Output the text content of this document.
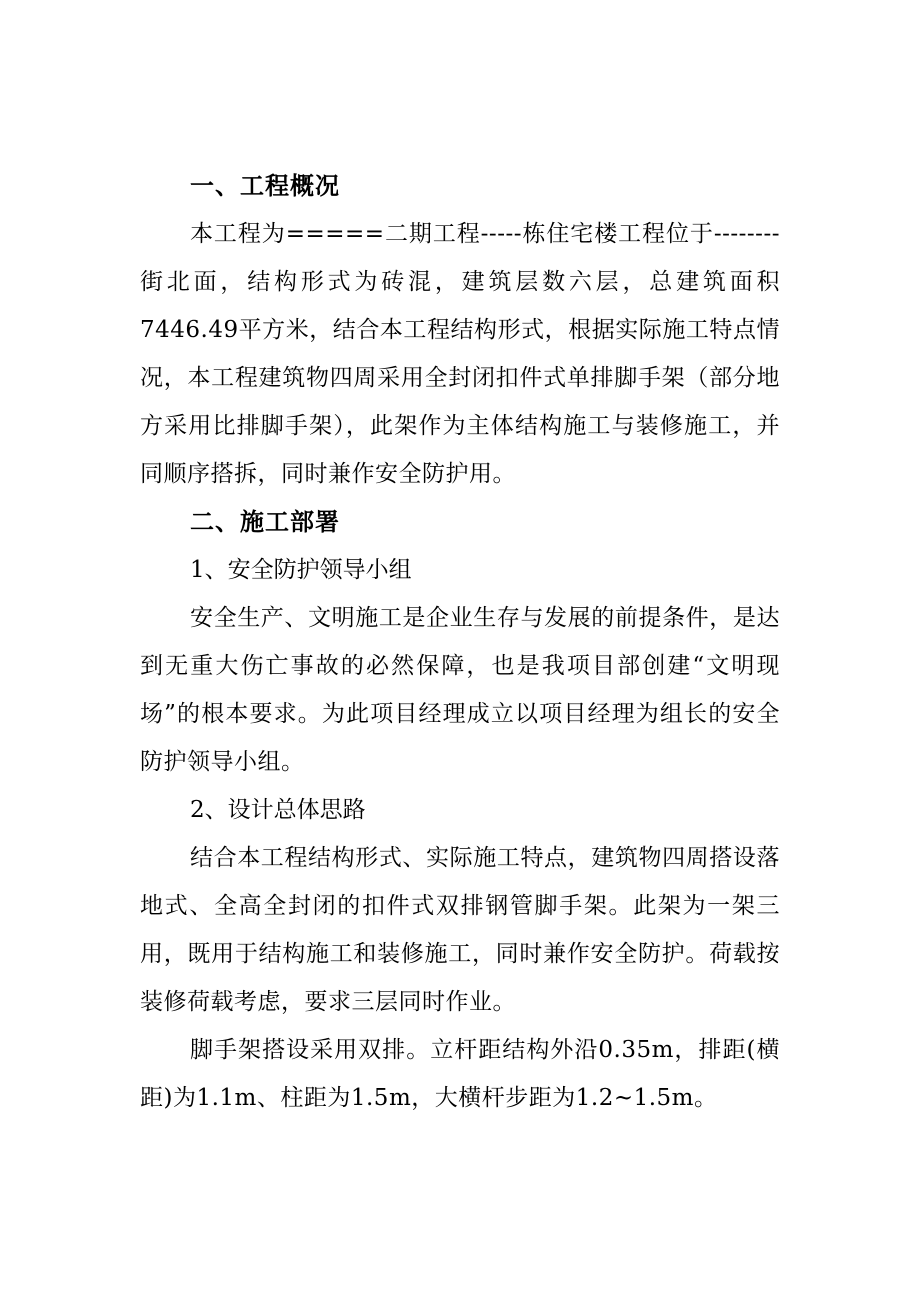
一、工程概况

本工程为=====二期工程-----栋住宅楼工程位于--------街北面，结构形式为砖混，建筑层数六层，总建筑面积7446.49平方米，结合本工程结构形式，根据实际施工特点情况，本工程建筑物四周采用全封闭扣件式单排脚手架（部分地方采用比排脚手架），此架作为主体结构施工与装修施工，并同顺序搭拆，同时兼作安全防护用。

二、施工部署

1、安全防护领导小组

安全生产、文明施工是企业生存与发展的前提条件，是达到无重大伤亡事故的必然保障，也是我项目部创建“文明现场”的根本要求。为此项目经理成立以项目经理为组长的安全防护领导小组。

2、设计总体思路

结合本工程结构形式、实际施工特点，建筑物四周搭设落地式、全高全封闭的扣件式双排钢管脚手架。此架为一架三用，既用于结构施工和装修施工，同时兼作安全防护。荷载按装修荷载考虑，要求三层同时作业。

脚手架搭设采用双排。立杆距结构外沿0.35m，排距(横距)为1.1m、柱距为1.5m，大横杆步距为1.2~1.5m。
